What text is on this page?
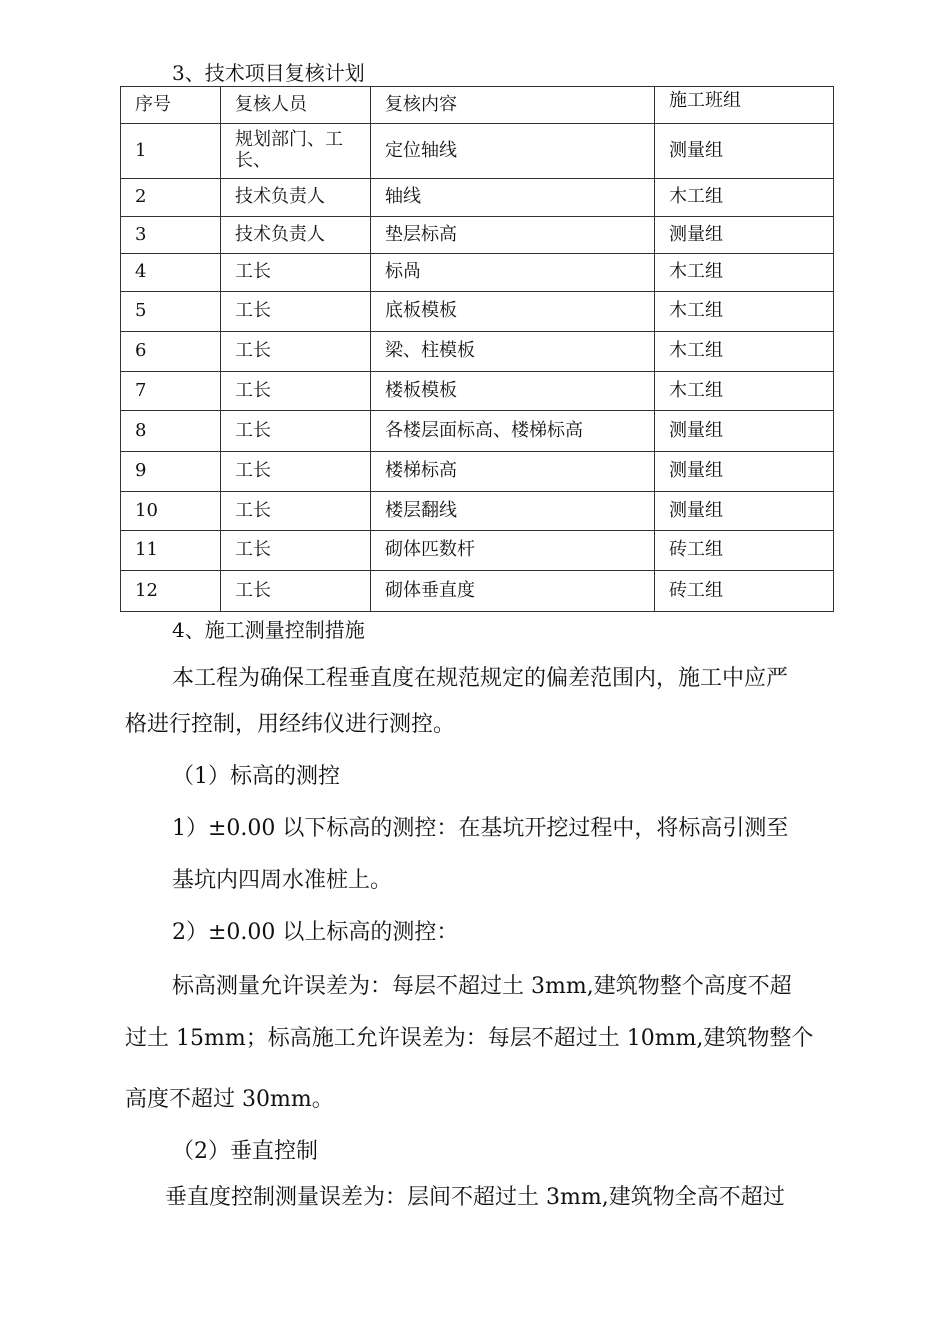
3、技术项目复核计划
序号	复核人员	复核内容	施工班组
1	规划部门、工长、	定位轴线	测量组
2	技术负责人	轴线	木工组
3	技术负责人	垫层标高	测量组
4	工长	标咼	木工组
5	工长	底板模板	木工组
6	工长	梁、柱模板	木工组
7	工长	楼板模板	木工组
8	工长	各楼层面标高、楼梯标高	测量组
9	工长	楼梯标高	测量组
10	工长	楼层翻线	测量组
11	工长	砌体匹数杆	砖工组
12	工长	砌体垂直度	砖工组
4、施工测量控制措施
本工程为确保工程垂直度在规范规定的偏差范围内，施工中应严
格进行控制，用经纬仪进行测控。
（1）标高的测控
1）±0.00 以下标高的测控：在基坑开挖过程中，将标高引测至
基坑内四周水准桩上。
2）±0.00 以上标高的测控：
标高测量允许误差为：每层不超过土 3mm,建筑物整个高度不超
过土 15mm；标高施工允许误差为：每层不超过土 10mm,建筑物整个
高度不超过 30mm。
（2）垂直控制
垂直度控制测量误差为：层间不超过土 3mm,建筑物全高不超过
